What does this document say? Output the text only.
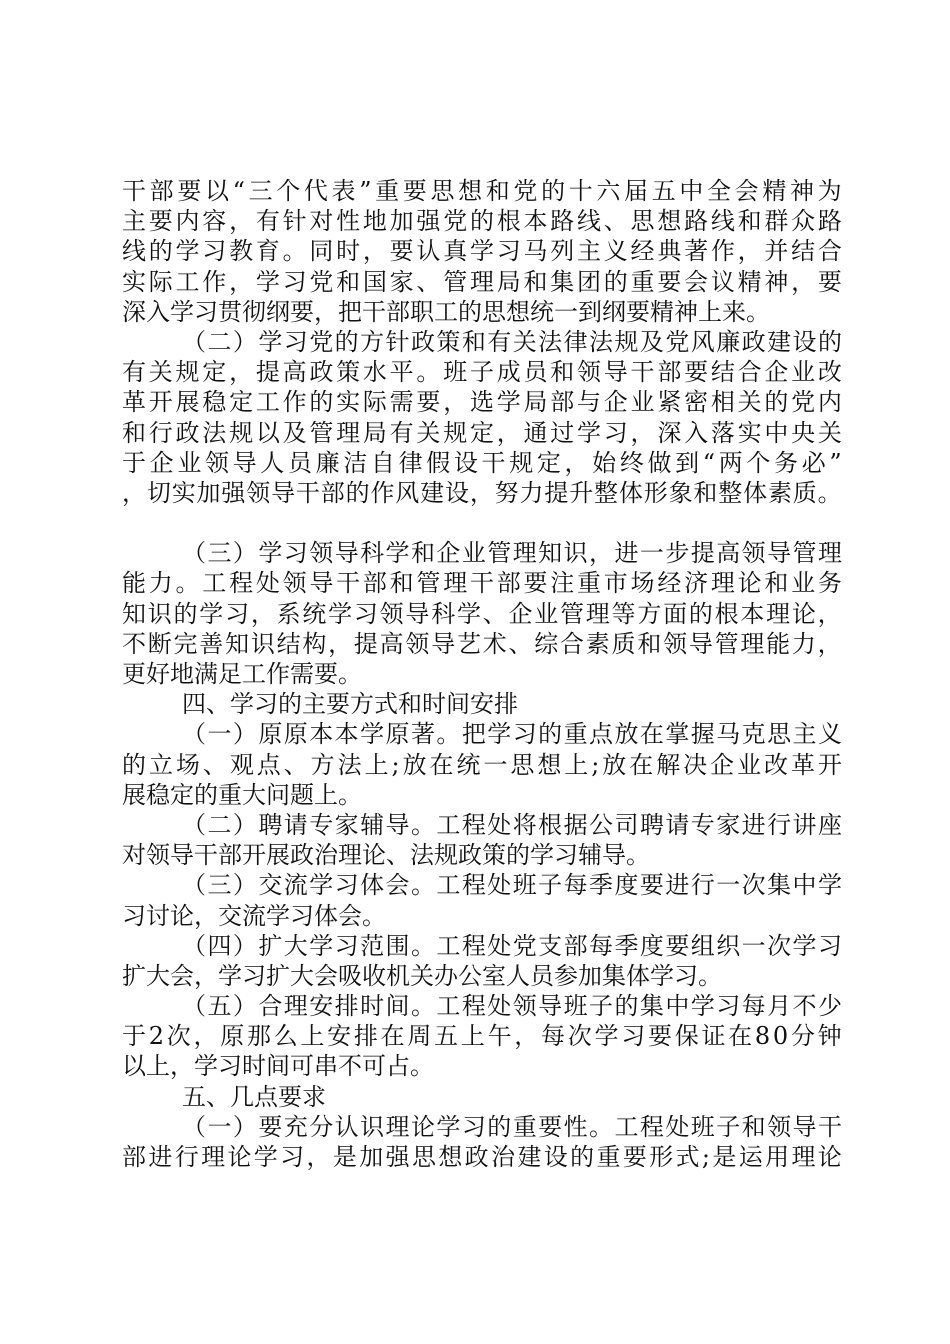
干 部 要 以 “ 三 个 代 表 ” 重 要 思 想 和 党 的 十 六 届 五 中 全 会 精 神 为
主 要 内 容 ， 有 针 对 性 地 加 强 党 的 根 本 路 线 、 思 想 路 线 和 群 众 路
线 的 学 习 教 育 。 同 时 ， 要 认 真 学 习 马 列 主 义 经 典 著 作 ， 并 结 合
实 际 工 作 ， 学 习 党 和 国 家 、 管 理 局 和 集 团 的 重 要 会 议 精 神 ， 要
深入学习贯彻纲要，把干部职工的思想统一到纲要精神上来。
（ 二 ） 学 习 党 的 方 针 政 策 和 有 关 法 律 法 规 及 党 风 廉 政 建 设 的
有 关 规 定 ， 提 高 政 策 水 平 。 班 子 成 员 和 领 导 干 部 要 结 合 企 业 改
革 开 展 稳 定 工 作 的 实 际 需 要 ， 选 学 局 部 与 企 业 紧 密 相 关 的 党 内
和 行 政 法 规 以 及 管 理 局 有 关 规 定 ， 通 过 学 习 ， 深 入 落 实 中 央 关
于 企 业 领 导 人 员 廉 洁 自 律 假 设 干 规 定 ， 始 终 做 到 “ 两 个 务 必 ”
， 切 实 加 强 领 导 干 部 的 作 风 建 设 ， 努 力 提 升 整 体 形 象 和 整 体 素 质 。
（ 三 ） 学 习 领 导 科 学 和 企 业 管 理 知 识 ， 进 一 步 提 高 领 导 管 理
能 力 。 工 程 处 领 导 干 部 和 管 理 干 部 要 注 重 市 场 经 济 理 论 和 业 务
知 识 的 学 习 ， 系 统 学 习 领 导 科 学 、 企 业 管 理 等 方 面 的 根 本 理 论 ，
不 断 完 善 知 识 结 构 ， 提 高 领 导 艺 术 、 综 合 素 质 和 领 导 管 理 能 力 ，
更好地满足工作需要。
四、学习的主要方式和时间安排
（ 一 ） 原 原 本 本 学 原 著 。 把 学 习 的 重 点 放 在 掌 握 马 克 思 主 义
的 立 场 、 观 点 、 方 法 上 ; 放 在 统 一 思 想 上 ; 放 在 解 决 企 业 改 革 开
展稳定的重大问题上。
（ 二 ） 聘 请 专 家 辅 导 。 工 程 处 将 根 据 公 司 聘 请 专 家 进 行 讲 座
对领导干部开展政治理论、法规政策的学习辅导。
（ 三 ） 交 流 学 习 体 会 。 工 程 处 班 子 每 季 度 要 进 行 一 次 集 中 学
习讨论，交流学习体会。
（ 四 ） 扩 大 学 习 范 围 。 工 程 处 党 支 部 每 季 度 要 组 织 一 次 学 习
扩大会，学习扩大会吸收机关办公室人员参加集体学习。
（ 五 ） 合 理 安 排 时 间 。 工 程 处 领 导 班 子 的 集 中 学 习 每 月 不 少
于 2 次 ， 原 那 么 上 安 排 在 周 五 上 午 ， 每 次 学 习 要 保 证 在 8 0 分 钟
以上，学习时间可串不可占。
五、几点要求
（ 一 ） 要 充 分 认 识 理 论 学 习 的 重 要 性 。 工 程 处 班 子 和 领 导 干
部 进 行 理 论 学 习 ， 是 加 强 思 想 政 治 建 设 的 重 要 形 式 ; 是 运 用 理 论
